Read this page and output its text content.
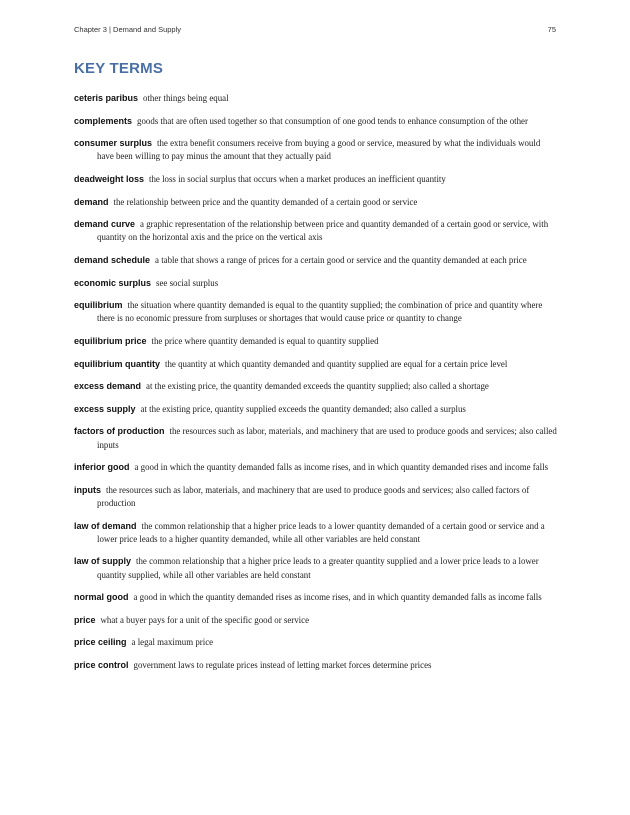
Chapter 3 | Demand and Supply	75
KEY TERMS
ceteris paribus other things being equal
complements goods that are often used together so that consumption of one good tends to enhance consumption of the other
consumer surplus the extra benefit consumers receive from buying a good or service, measured by what the individuals would have been willing to pay minus the amount that they actually paid
deadweight loss the loss in social surplus that occurs when a market produces an inefficient quantity
demand the relationship between price and the quantity demanded of a certain good or service
demand curve a graphic representation of the relationship between price and quantity demanded of a certain good or service, with quantity on the horizontal axis and the price on the vertical axis
demand schedule a table that shows a range of prices for a certain good or service and the quantity demanded at each price
economic surplus see social surplus
equilibrium the situation where quantity demanded is equal to the quantity supplied; the combination of price and quantity where there is no economic pressure from surpluses or shortages that would cause price or quantity to change
equilibrium price the price where quantity demanded is equal to quantity supplied
equilibrium quantity the quantity at which quantity demanded and quantity supplied are equal for a certain price level
excess demand at the existing price, the quantity demanded exceeds the quantity supplied; also called a shortage
excess supply at the existing price, quantity supplied exceeds the quantity demanded; also called a surplus
factors of production the resources such as labor, materials, and machinery that are used to produce goods and services; also called inputs
inferior good a good in which the quantity demanded falls as income rises, and in which quantity demanded rises and income falls
inputs the resources such as labor, materials, and machinery that are used to produce goods and services; also called factors of production
law of demand the common relationship that a higher price leads to a lower quantity demanded of a certain good or service and a lower price leads to a higher quantity demanded, while all other variables are held constant
law of supply the common relationship that a higher price leads to a greater quantity supplied and a lower price leads to a lower quantity supplied, while all other variables are held constant
normal good a good in which the quantity demanded rises as income rises, and in which quantity demanded falls as income falls
price what a buyer pays for a unit of the specific good or service
price ceiling a legal maximum price
price control government laws to regulate prices instead of letting market forces determine prices
